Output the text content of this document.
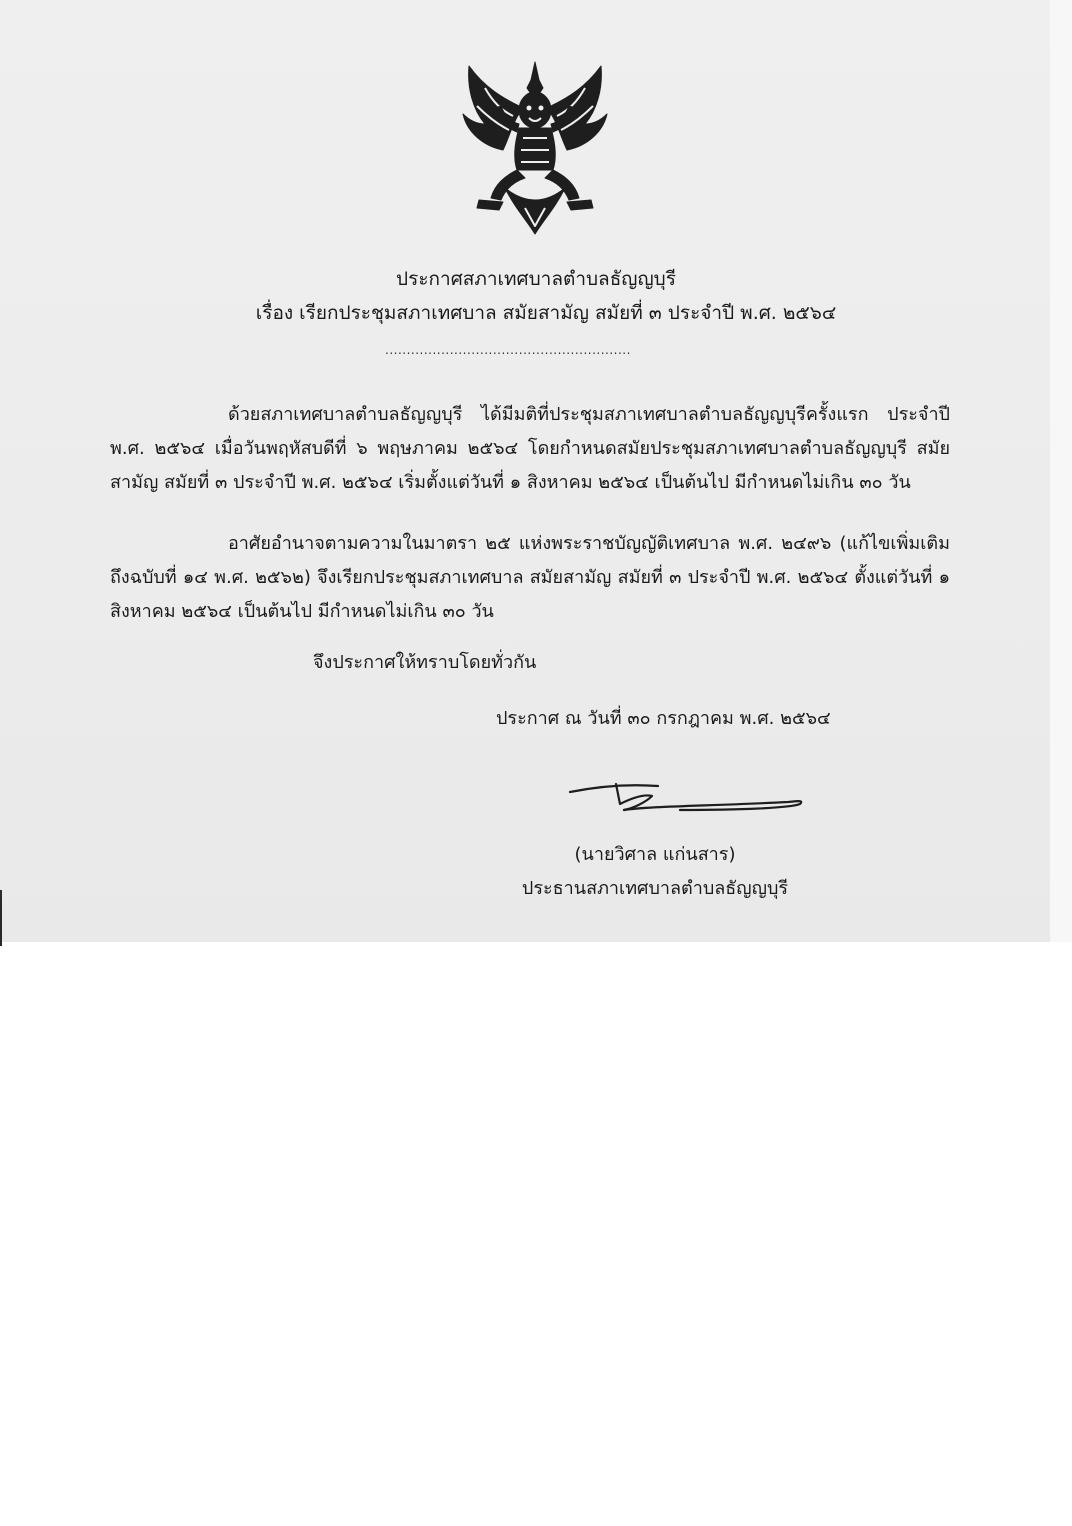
ประกาศสภาเทศบาลตำบลธัญญบุรี
เรื่อง เรียกประชุมสภาเทศบาล สมัยสามัญ สมัยที่ ๓ ประจำปี พ.ศ. ๒๕๖๔
.........................................................

ด้วยสภาเทศบาลตำบลธัญญบุรี ได้มีมติที่ประชุมสภาเทศบาลตำบลธัญญบุรีครั้งแรก ประจำปี พ.ศ. ๒๕๖๔ เมื่อวันพฤหัสบดีที่ ๖ พฤษภาคม ๒๕๖๔ โดยกำหนดสมัยประชุมสภาเทศบาลตำบลธัญญบุรี สมัยสามัญ สมัยที่ ๓ ประจำปี พ.ศ. ๒๕๖๔ เริ่มตั้งแต่วันที่ ๑ สิงหาคม ๒๕๖๔ เป็นต้นไป มีกำหนดไม่เกิน ๓๐ วัน

อาศัยอำนาจตามความในมาตรา ๒๕ แห่งพระราชบัญญัติเทศบาล พ.ศ. ๒๔๙๖ (แก้ไขเพิ่มเติมถึงฉบับที่ ๑๔ พ.ศ. ๒๕๖๒) จึงเรียกประชุมสภาเทศบาล สมัยสามัญ สมัยที่ ๓ ประจำปี พ.ศ. ๒๕๖๔ ตั้งแต่วันที่ ๑ สิงหาคม ๒๕๖๔ เป็นต้นไป มีกำหนดไม่เกิน ๓๐ วัน

จึงประกาศให้ทราบโดยทั่วกัน
ประกาศ ณ วันที่ ๓๐ กรกฎาคม พ.ศ. ๒๕๖๔
(นายวิศาล แก่นสาร)
ประธานสภาเทศบาลตำบลธัญญบุรี
